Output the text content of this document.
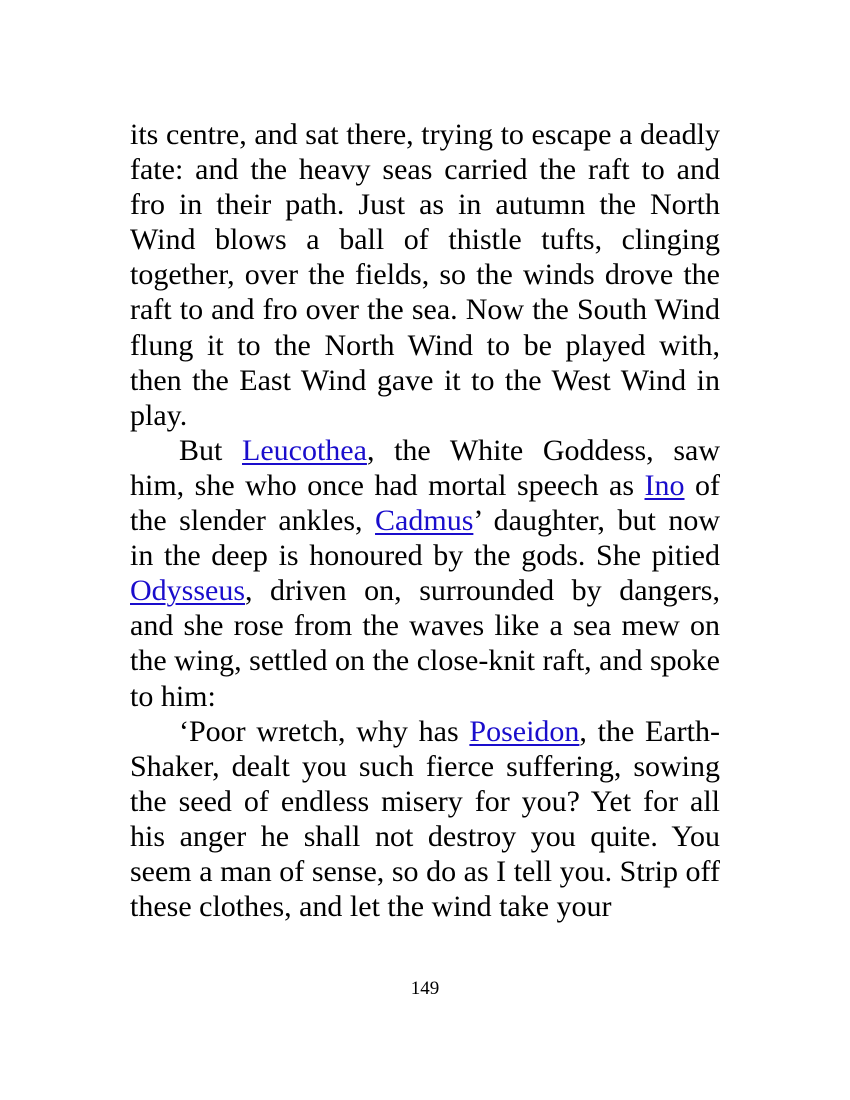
its centre, and sat there, trying to escape a deadly fate: and the heavy seas carried the raft to and fro in their path. Just as in autumn the North Wind blows a ball of thistle tufts, clinging together, over the fields, so the winds drove the raft to and fro over the sea. Now the South Wind flung it to the North Wind to be played with, then the East Wind gave it to the West Wind in play.

But Leucothea, the White Goddess, saw him, she who once had mortal speech as Ino of the slender ankles, Cadmus’ daughter, but now in the deep is honoured by the gods. She pitied Odysseus, driven on, surrounded by dangers, and she rose from the waves like a sea mew on the wing, settled on the close-knit raft, and spoke to him:

‘Poor wretch, why has Poseidon, the Earth-Shaker, dealt you such fierce suffering, sowing the seed of endless misery for you? Yet for all his anger he shall not destroy you quite. You seem a man of sense, so do as I tell you. Strip off these clothes, and let the wind take your

149
